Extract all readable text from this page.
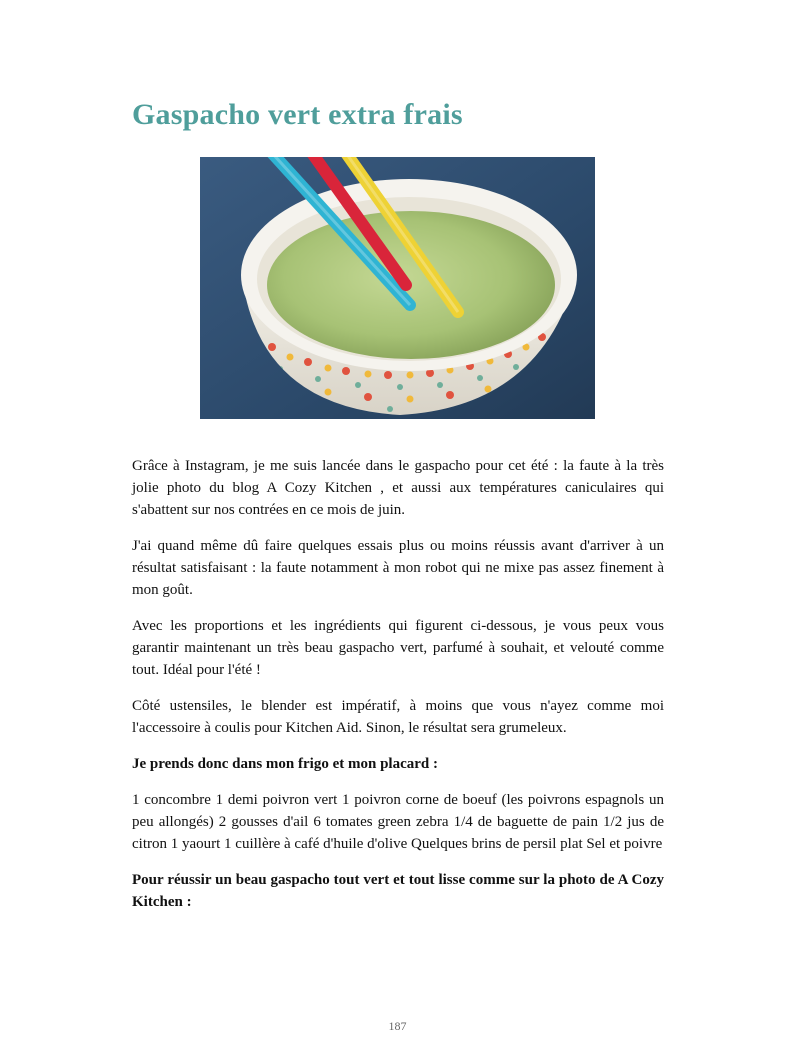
Gaspacho vert extra frais

Grâce à Instagram, je me suis lancée dans le gaspacho pour cet été : la faute à la très jolie photo du blog A Cozy Kitchen , et aussi aux températures caniculaires qui s'abattent sur nos contrées en ce mois de juin.

J'ai quand même dû faire quelques essais plus ou moins réussis avant d'arriver à un résultat satisfaisant : la faute notamment à mon robot qui ne mixe pas assez finement à mon goût.

Avec les proportions et les ingrédients qui figurent ci-dessous, je vous peux vous garantir maintenant un très beau gaspacho vert, parfumé à souhait, et velouté comme tout. Idéal pour l'été !

Côté ustensiles, le blender est impératif, à moins que vous n'ayez comme moi l'accessoire à coulis pour Kitchen Aid. Sinon, le résultat sera grumeleux.

Je prends donc dans mon frigo et mon placard :

1 concombre 1 demi poivron vert 1 poivron corne de boeuf (les poivrons espagnols un peu allongés) 2 gousses d'ail 6 tomates green zebra 1/4 de baguette de pain 1/2 jus de citron 1 yaourt 1 cuillère à café d'huile d'olive Quelques brins de persil plat Sel et poivre

Pour réussir un beau gaspacho tout vert et tout lisse comme sur la photo de A Cozy Kitchen :

187
